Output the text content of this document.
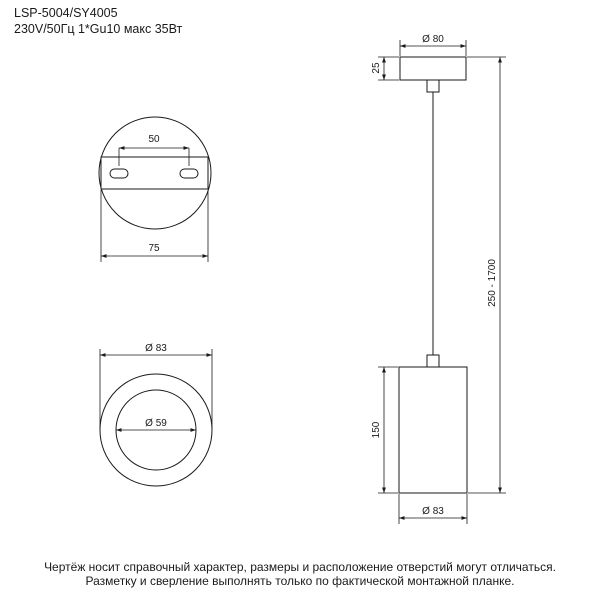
LSP-5004/SY4005
230V/50Гц 1*Gu10 макс 35Вт
50
75
Ø 83
Ø 59
Ø 80
25
250 - 1700
150
Ø 83
Чертёж носит справочный характер, размеры и расположение отверстий могут отличаться.
Разметку и сверление выполнять только по фактической монтажной планке.
